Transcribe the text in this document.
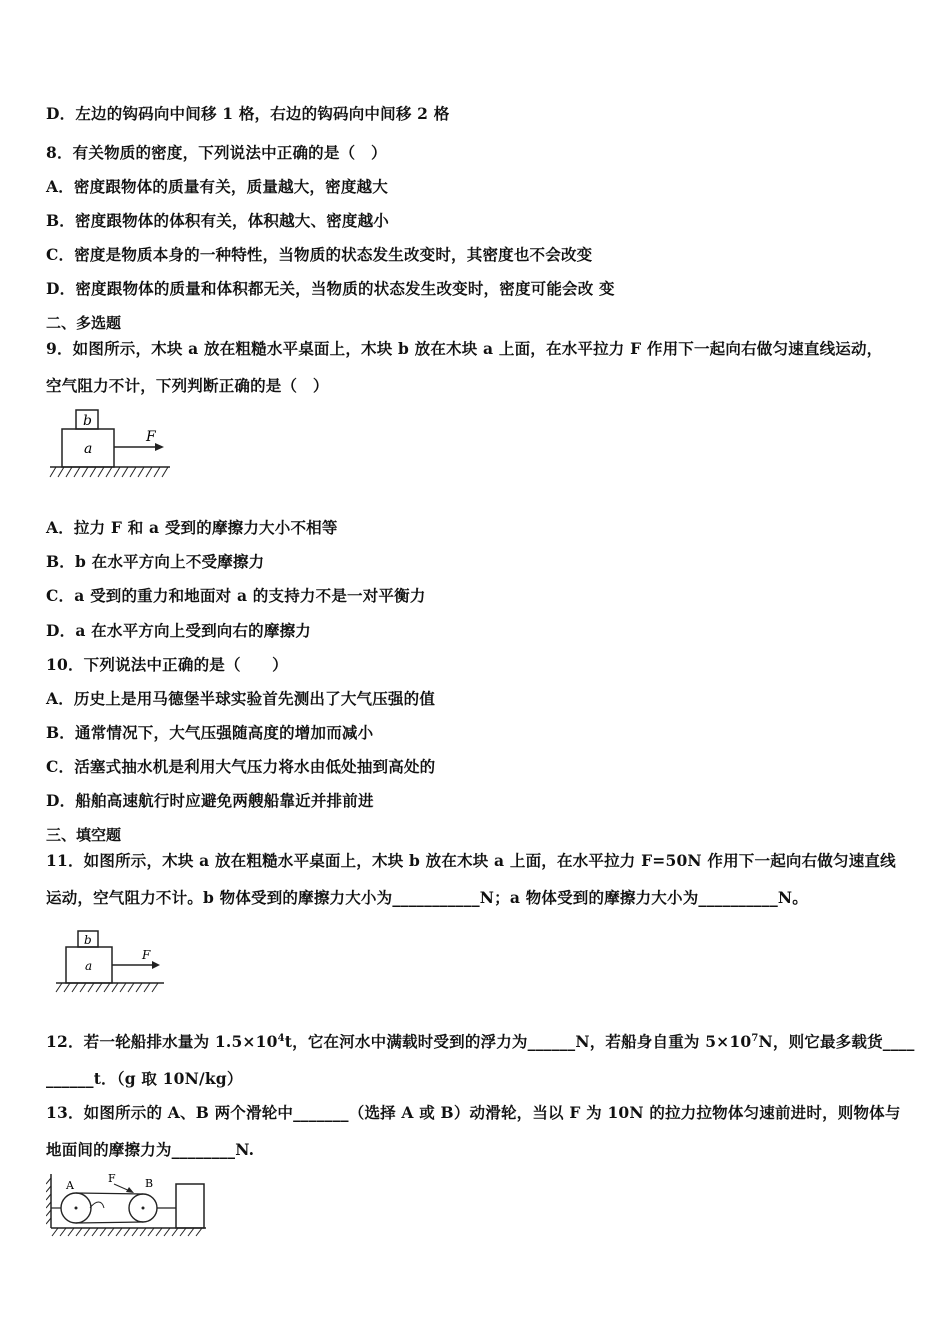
D．左边的钩码向中间移 1 格，右边的钩码向中间移 2 格
8．有关物质的密度，下列说法中正确的是（　）
A．密度跟物体的质量有关，质量越大，密度越大
B．密度跟物体的体积有关，体积越大、密度越小
C．密度是物质本身的一种特性，当物质的状态发生改变时，其密度也不会改变
D．密度跟物体的质量和体积都无关，当物质的状态发生改变时，密度可能会改 变
二、多选题
9．如图所示，木块 a 放在粗糙水平桌面上，木块 b 放在木块 a 上面，在水平拉力 F 作用下一起向右做匀速直线运动，
空气阻力不计，下列判断正确的是（　）
b
a
F
A．拉力 F 和 a 受到的摩擦力大小不相等
B．b 在水平方向上不受摩擦力
C．a 受到的重力和地面对 a 的支持力不是一对平衡力
D．a 在水平方向上受到向右的摩擦力
10．下列说法中正确的是（　　）
A．历史上是用马德堡半球实验首先测出了大气压强的值
B．通常情况下，大气压强随高度的增加而减小
C．活塞式抽水机是利用大气压力将水由低处抽到高处的
D．船舶高速航行时应避免两艘船靠近并排前进
三、填空题
11．如图所示，木块 a 放在粗糙水平桌面上，木块 b 放在木块 a 上面，在水平拉力 F=50N 作用下一起向右做匀速直线
运动，空气阻力不计。b 物体受到的摩擦力大小为___________N；a 物体受到的摩擦力大小为__________N。
b
a
F
12．若一轮船排水量为 $1.5\times 10^4t$，它在河水中满载时受到的浮力为______N，若船身自重为 $5\times 10^7N$，则它最多载货____
______t．（g 取 10N/kg）
13．如图所示的 A、B 两个滑轮中_______（选择 A 或 B）动滑轮，当以 F 为 10N 的拉力拉物体匀速前进时，则物体与
地面间的摩擦力为________N.
A	B
F
